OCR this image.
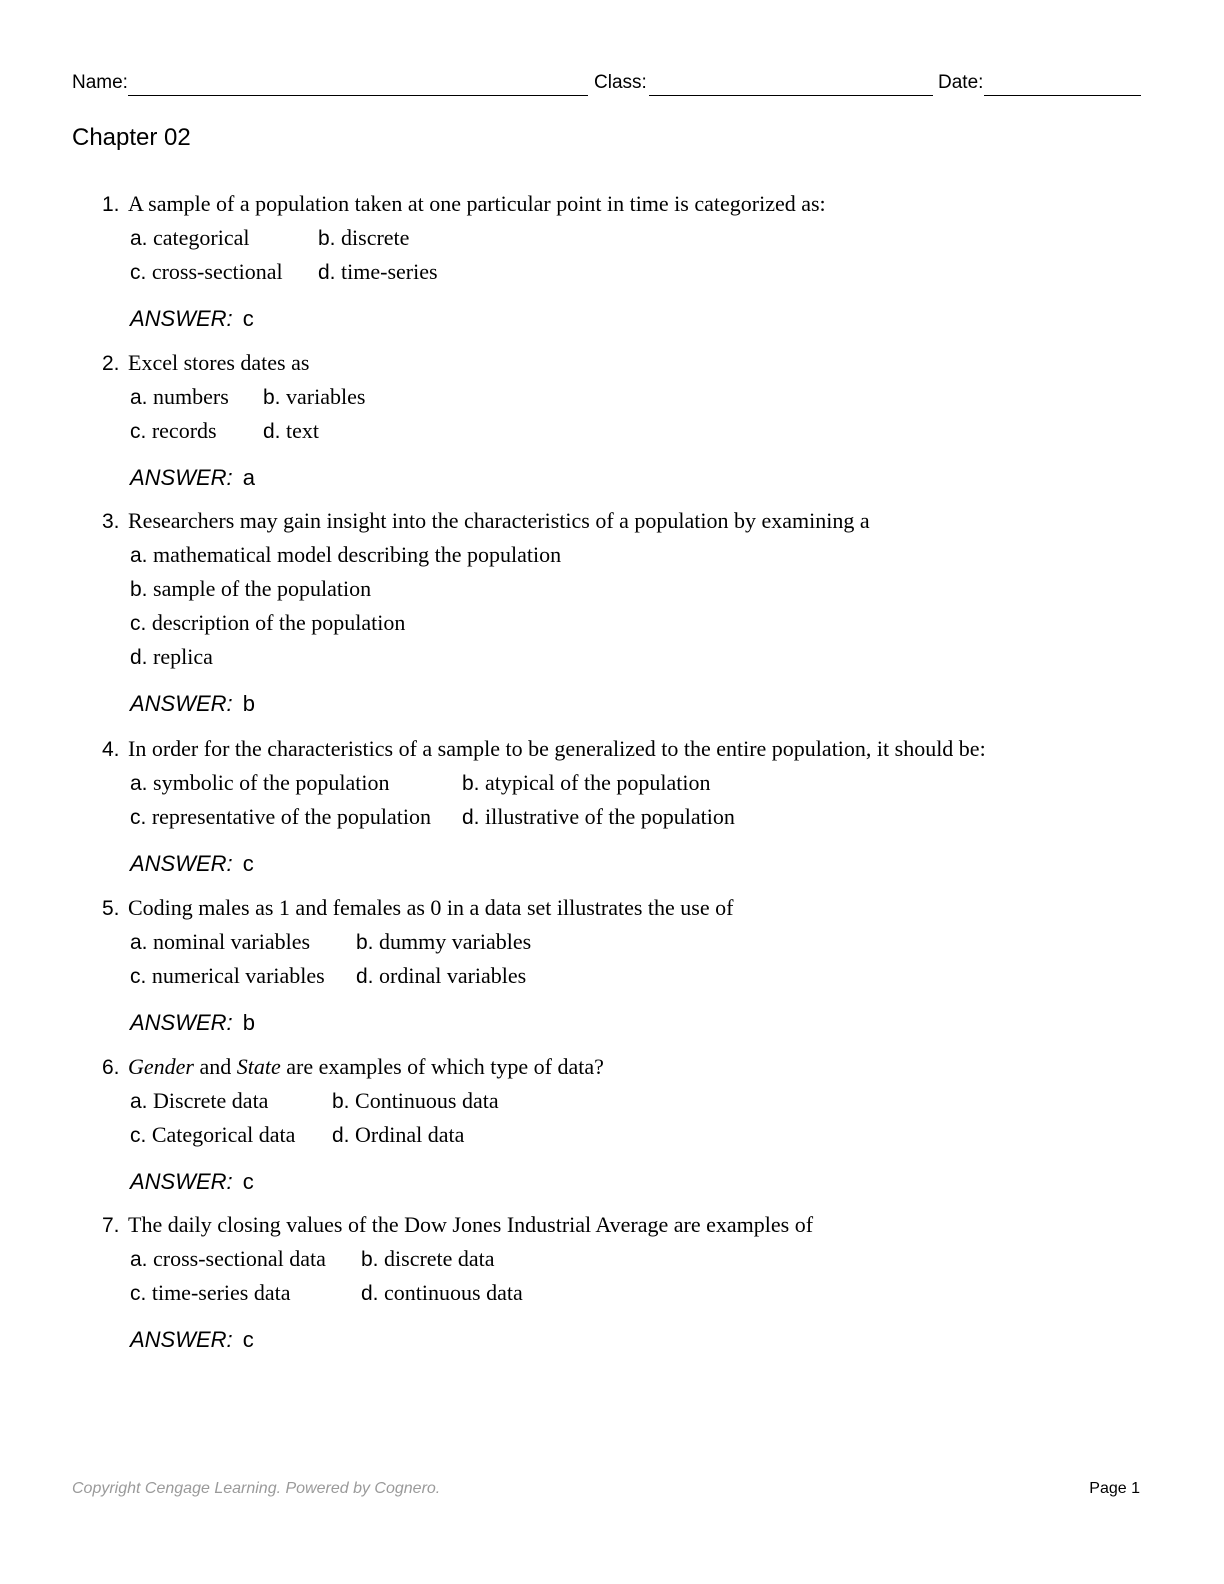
Name:	Class:	Date:
Chapter 02
1. A sample of a population taken at one particular point in time is categorized as:
a. categorical	b. discrete
c. cross-sectional d. time-series
ANSWER: c
2. Excel stores dates as
a. numbers b. variables
c. records	d. text
ANSWER: a
3. Researchers may gain insight into the characteristics of a population by examining a
a. mathematical model describing the population
b. sample of the population
c. description of the population
d. replica
ANSWER: b
4. In order for the characteristics of a sample to be generalized to the entire population, it should be:
a. symbolic of the population	b. atypical of the population
c. representative of the population d. illustrative of the population
ANSWER: c
5. Coding males as 1 and females as 0 in a data set illustrates the use of
a. nominal variables	b. dummy variables
c. numerical variables d. ordinal variables
ANSWER: b
6. Gender and State are examples of which type of data?
a. Discrete data	b. Continuous data
c. Categorical data d. Ordinal data
ANSWER: c
7. The daily closing values of the Dow Jones Industrial Average are examples of
a. cross-sectional data b. discrete data
c. time-series data	d. continuous data
ANSWER: c
Copyright Cengage Learning. Powered by Cognero.	Page 1
